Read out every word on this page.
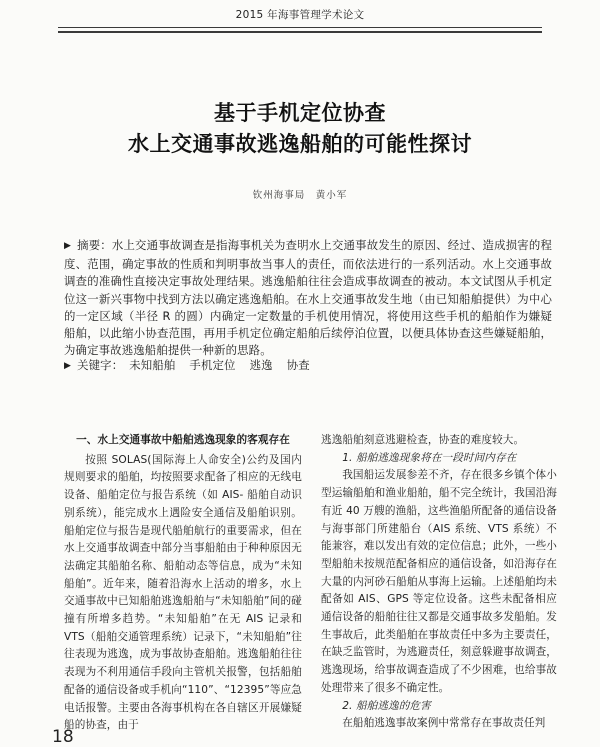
2015 年海事管理学术论文
基于手机定位协查
水上交通事故逃逸船舶的可能性探讨
钦州海事局　黄小军
▶ 摘要：水上交通事故调查是指海事机关为查明水上交通事故发生的原因、经过、造成损害的程度、范围，确定事故的性质和判明事故当事人的责任，而依法进行的一系列活动。水上交通事故调查的准确性直接决定事故处理结果。逃逸船舶往往会造成事故调查的被动。本文试图从手机定位这一新兴事物中找到方法以确定逃逸船舶。在水上交通事故发生地（由已知船舶提供）为中心的一定区域（半径 R 的圆）内确定一定数量的手机使用情况，将使用这些手机的船舶作为嫌疑船舶，以此缩小协查范围，再用手机定位确定船舶后续停泊位置，以便具体协查这些嫌疑船舶，为确定事故逃逸船舶提供一种新的思路。
▶ 关键字： 未知船舶 手机定位 逃逸 协查

一、水上交通事故中船舶逃逸现象的客观存在

按照 SOLAS(国际海上人命安全)公约及国内规则要求的船舶，均按照要求配备了相应的无线电设备、船舶定位与报告系统（如 AIS- 船舶自动识别系统），能完成水上遇险安全通信及船舶识别。船舶定位与报告是现代船舶航行的重要需求，但在水上交通事故调查中部分当事船舶由于种种原因无法确定其船舶名称、船舶动态等信息，成为“未知船舶”。近年来，随着沿海水上活动的增多，水上交通事故中已知船舶逃逸船舶与“未知船舶”间的碰撞有所增多趋势。“未知船舶”在无 AIS 记录和 VTS（船舶交通管理系统）记录下，“未知船舶”往往表现为逃逸，成为事故协查船舶。逃逸船舶往往表现为不利用通信手段向主管机关报警，包括船舶配备的通信设备或手机向“110”、“12395”等应急电话报警。主要由各海事机构在各自辖区开展嫌疑船的协查，由于

逃逸船舶刻意逃避检查，协查的难度较大。

1. 船舶逃逸现象将在一段时间内存在

我国船运发展参差不齐，存在很多乡镇个体小型运输船舶和渔业船舶，船不完全统计，我国沿海有近 40 万艘的渔船，这些渔船所配备的通信设备与海事部门所建船台（AIS 系统、VTS 系统）不能兼容，难以发出有效的定位信息；此外，一些小型船舶未按规范配备相应的通信设备，如沿海存在大量的内河砂石船舶从事海上运输。上述船舶均未配备如 AIS、GPS 等定位设备。这些未配备相应通信设备的船舶往往又都是交通事故多发船舶。发生事故后，此类船舶在事故责任中多为主要责任，在缺乏监管时，为逃避责任，刻意躲避事故调查，逃逸现场，给事故调查造成了不少困难，也给事故处理带来了很多不确定性。

2. 船舶逃逸的危害

在船舶逃逸事故案例中常常存在事故责任判

18
